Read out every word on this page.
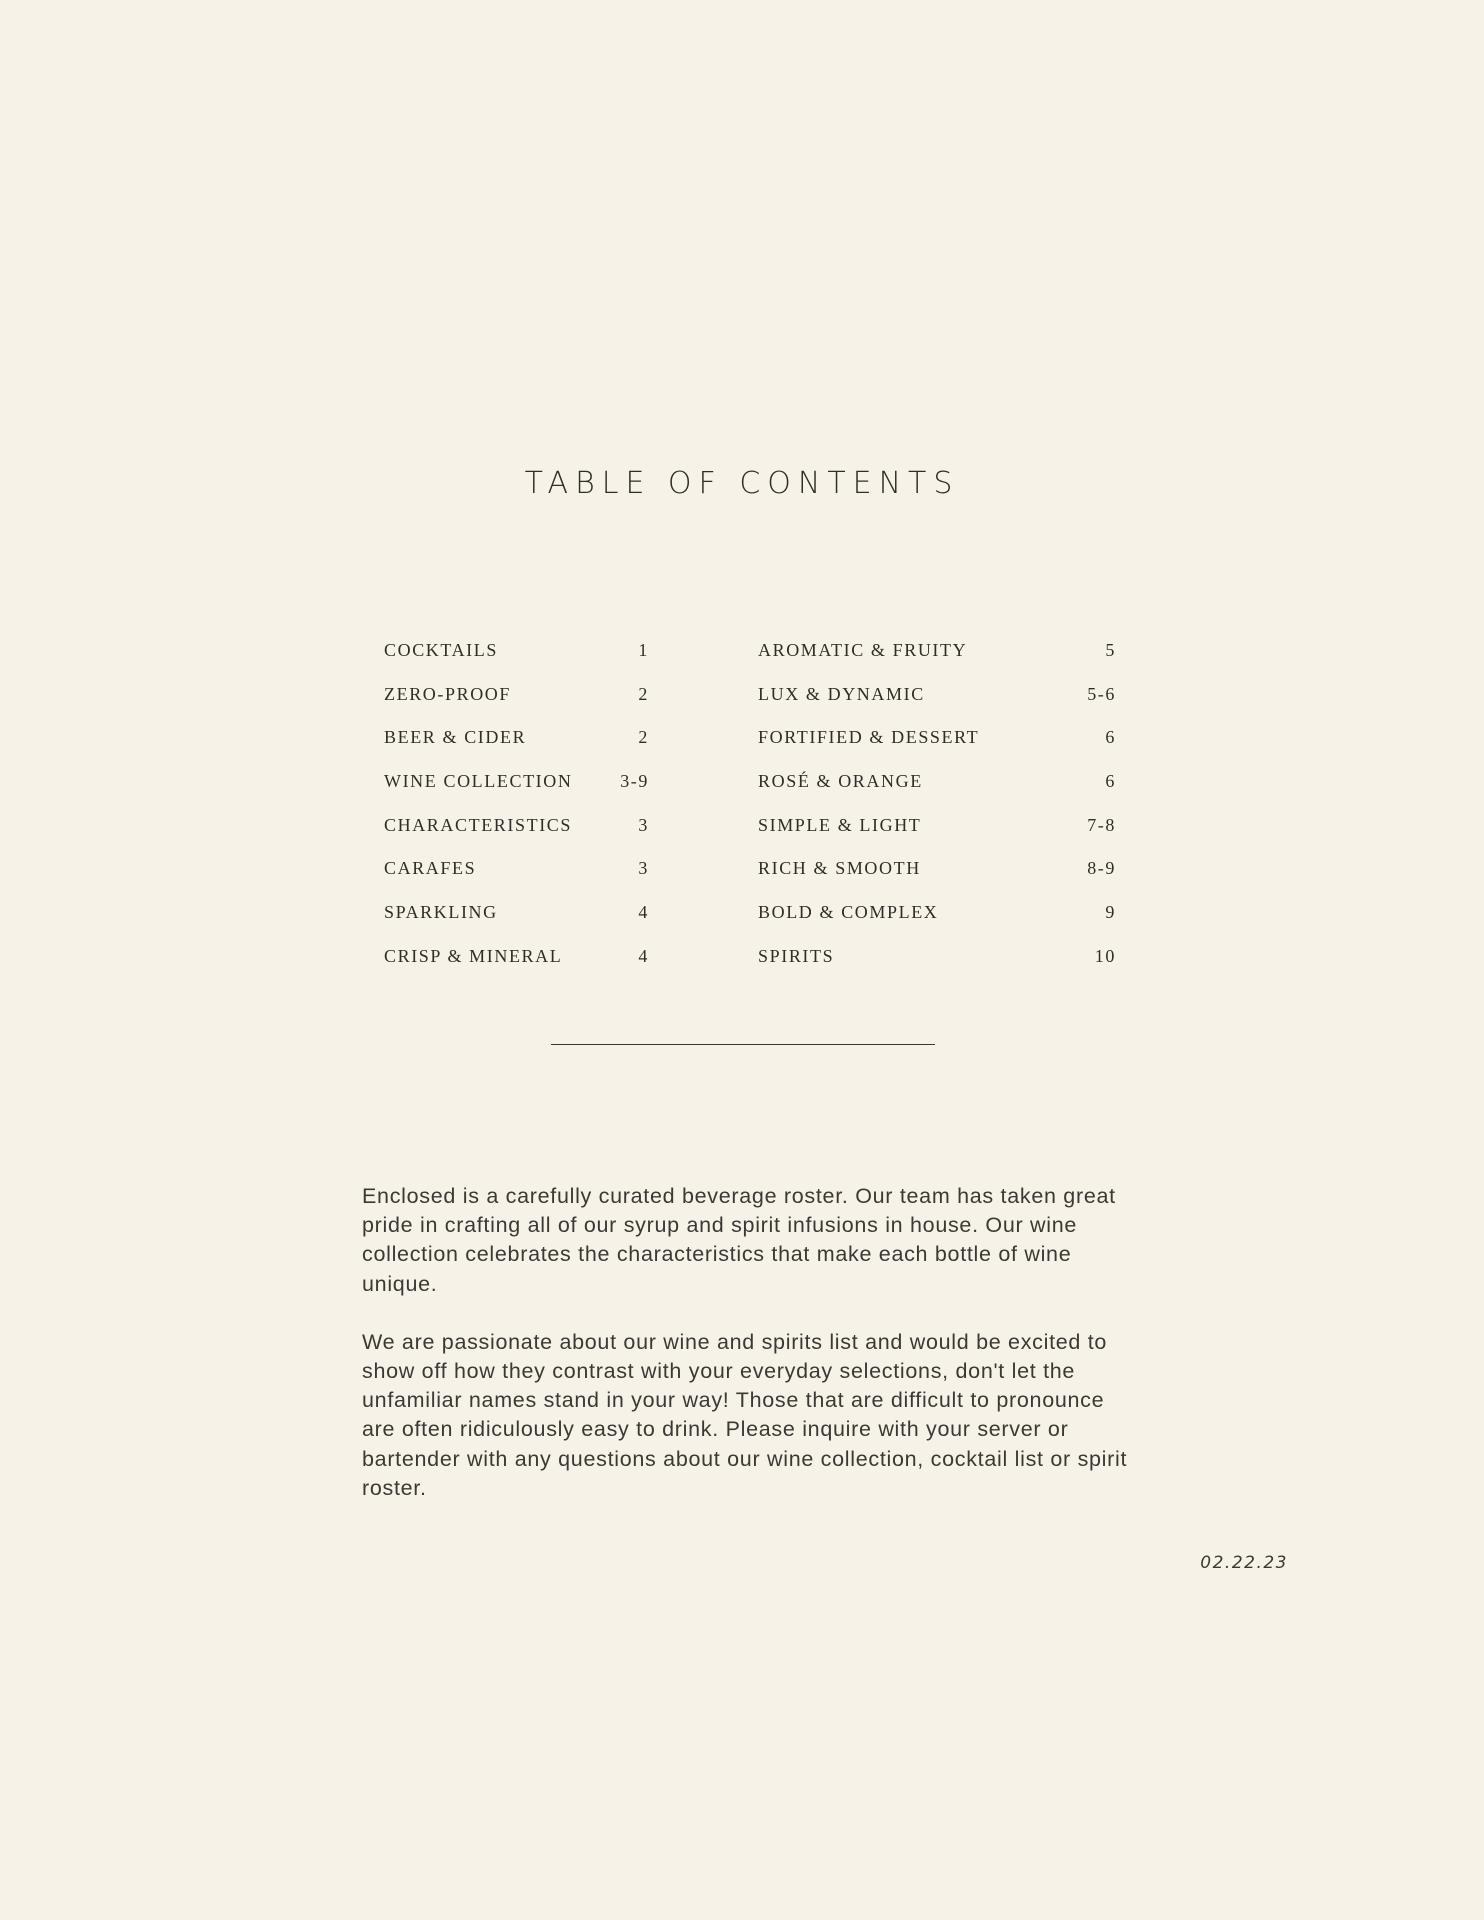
TABLE OF CONTENTS
COCKTAILS	1
ZERO-PROOF	2
BEER & CIDER	2
WINE COLLECTION	3-9
CHARACTERISTICS	3
CARAFES	3
SPARKLING	4
CRISP & MINERAL	4
AROMATIC & FRUITY	5
LUX & DYNAMIC	5-6
FORTIFIED & DESSERT	6
ROSÉ & ORANGE	6
SIMPLE & LIGHT	7-8
RICH & SMOOTH	8-9
BOLD & COMPLEX	9
SPIRITS	10

Enclosed is a carefully curated beverage roster. Our team has taken great pride in crafting all of our syrup and spirit infusions in house. Our wine collection celebrates the characteristics that make each bottle of wine unique.

We are passionate about our wine and spirits list and would be excited to show off how they contrast with your everyday selections, don't let the unfamiliar names stand in your way! Those that are difficult to pronounce are often ridiculously easy to drink. Please inquire with your server or bartender with any questions about our wine collection, cocktail list or spirit roster.

02.22.23
